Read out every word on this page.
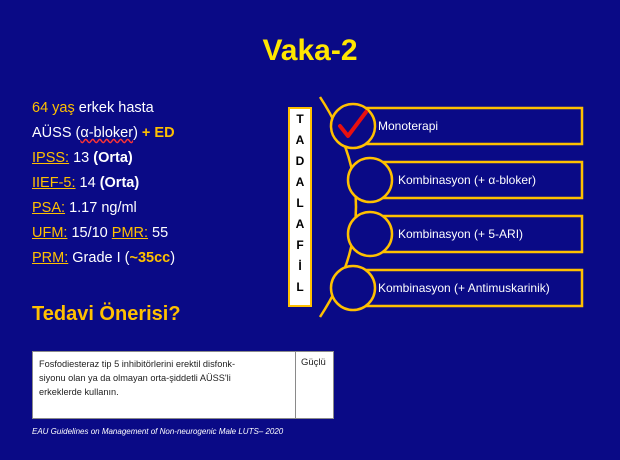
Vaka-2
64 yaş erkek hasta
AÜSS (α-bloker) + ED
IPSS: 13 (Orta)
IIEF-5: 14 (Orta)
PSA: 1.17 ng/ml
UFM: 15/10 PMR: 55
PRM: Grade I (~35cc)
Tedavi Önerisi?
T
A
D
A
L
A
F
İ
L
Monoterapi
Kombinasyon (+ α-bloker)
Kombinasyon (+ 5-ARI)
Kombinasyon (+ Antimuskarinik)
Fosfodiesteraz tip 5 inhibitörlerini erektil disfonk-
siyonu olan ya da olmayan orta-şiddetli AÜSS'li
erkeklerde kullanın.
Güçlü
EAU Guidelines on Management of Non-neurogenic Male LUTS– 2020
